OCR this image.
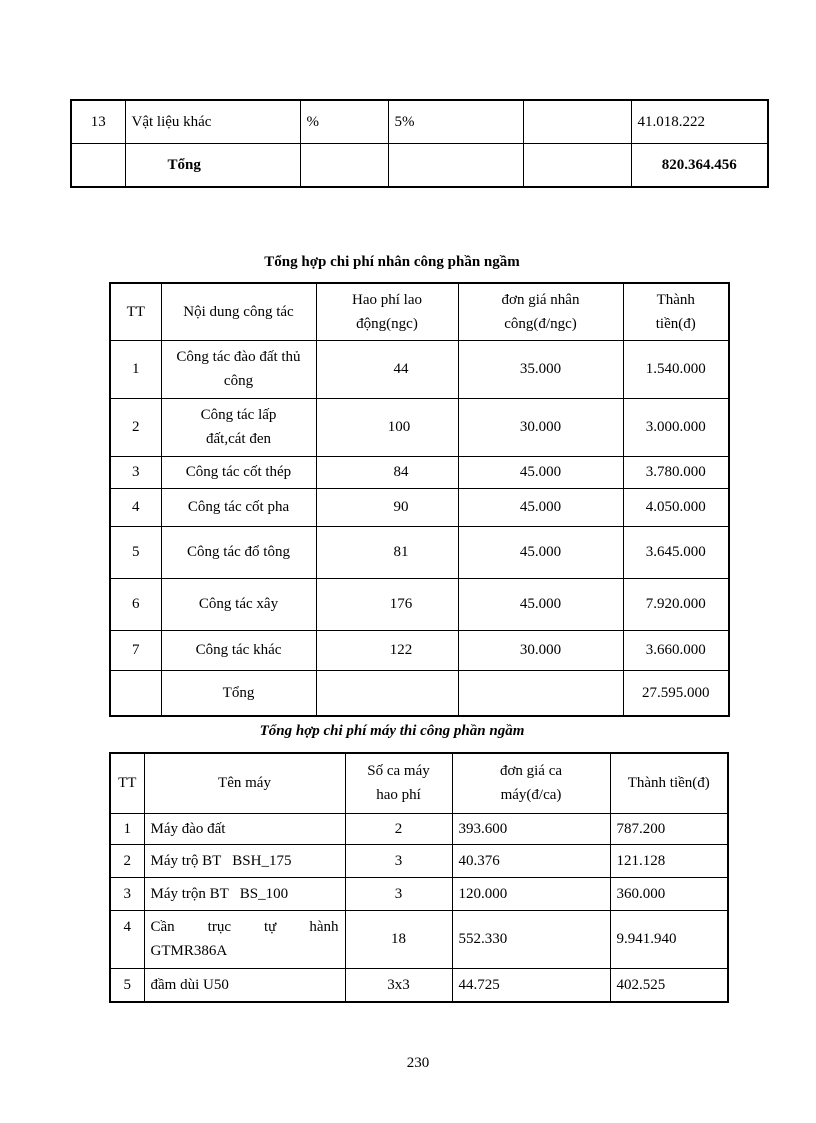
13	Vật liệu khác	%	5%		41.018.222
	Tổng				820.364.456
Tổng hợp chi phí nhân công phần ngầm
TT	Nội dung công tác	Hao phí lao động(ngc)	đơn giá nhân công(đ/ngc)	Thành tiền(đ)
1	Công tác đào đất thủ công	44	35.000	1.540.000
2	Công tác lấp đất,cát đen	100	30.000	3.000.000
3	Công tác cốt thép	84	45.000	3.780.000
4	Công tác cốt pha	90	45.000	4.050.000
5	Công tác đổ tông	81	45.000	3.645.000
6	Công tác xây	176	45.000	7.920.000
7	Công tác khác	122	30.000	3.660.000
	Tổng			27.595.000
Tổng hợp chi phí máy thi công phần ngầm
TT	Tên máy	Số ca máy hao phí	đơn giá ca máy(đ/ca)	Thành tiền(đ)
1	Máy đào đất	2	393.600	787.200
2	Máy trộ BT   BSH_175	3	40.376	121.128
3	Máy trộn BT   BS_100	3	120.000	360.000
4	Cần trục tự hành
GTMR386A	18	552.330	9.941.940
5	đầm dùi U50	3x3	44.725	402.525
230
